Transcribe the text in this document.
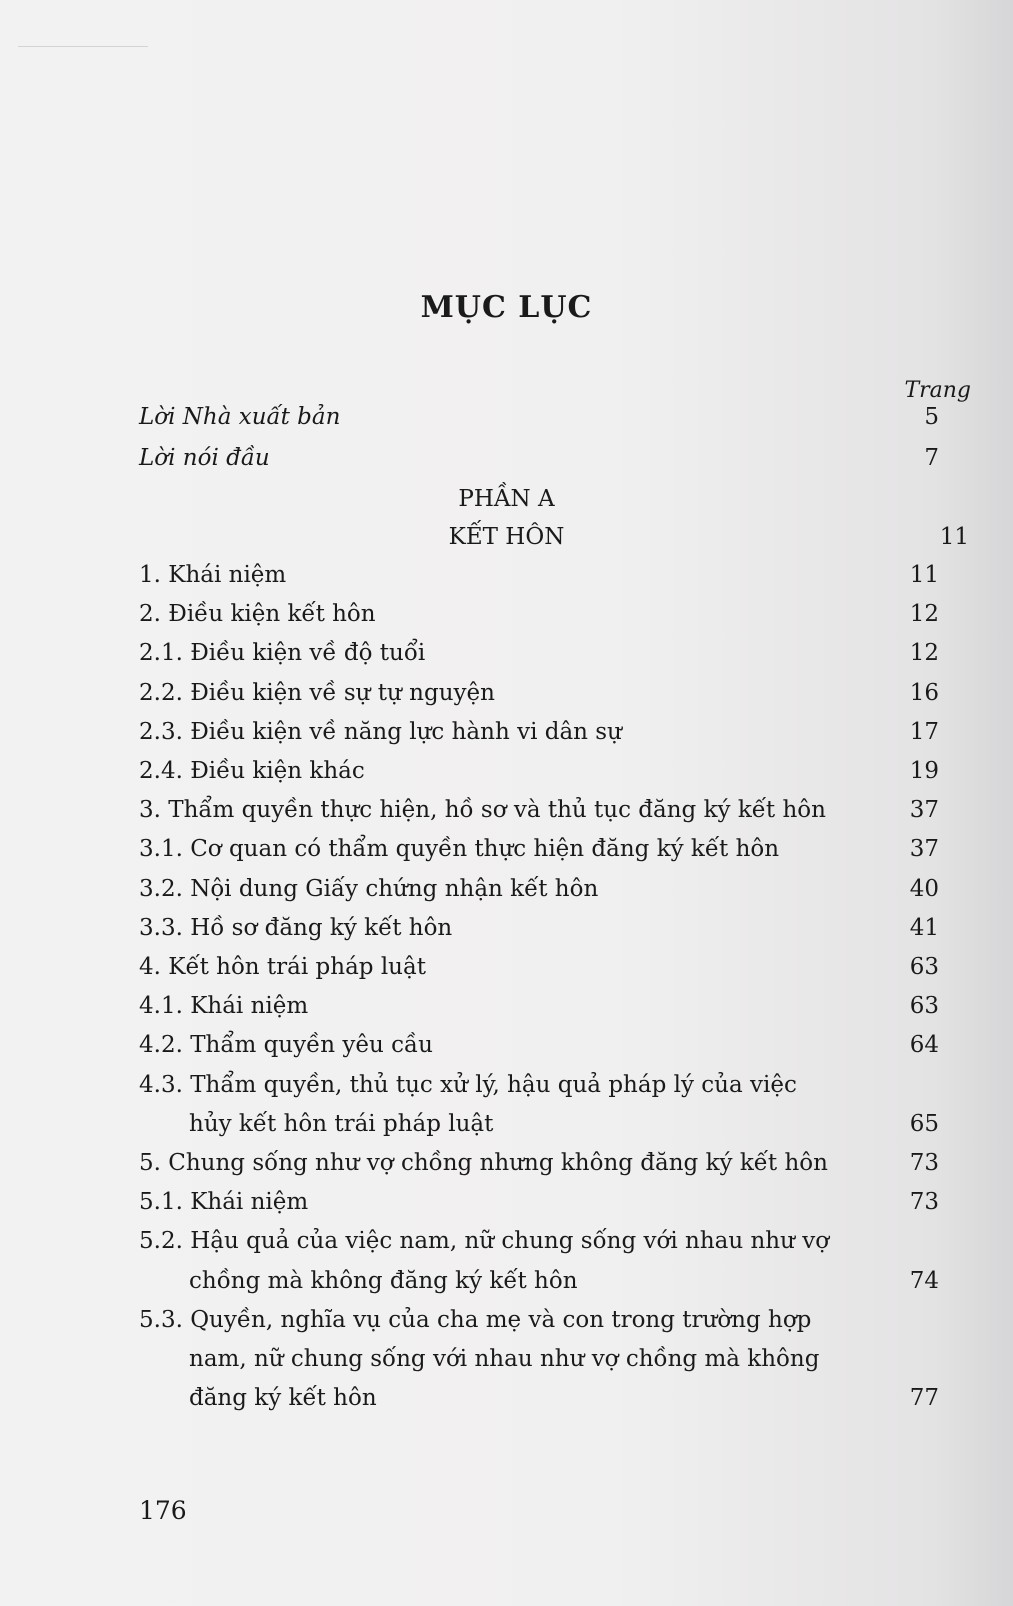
MỤC LỤC
Trang
Lời Nhà xuất bản	5
Lời nói đầu	7
PHẦN A
KẾT HÔN	11
1. Khái niệm	11
2. Điều kiện kết hôn	12
2.1. Điều kiện về độ tuổi	12
2.2. Điều kiện về sự tự nguyện	16
2.3. Điều kiện về năng lực hành vi dân sự	17
2.4. Điều kiện khác	19
3. Thẩm quyền thực hiện, hồ sơ và thủ tục đăng ký kết hôn	37
3.1. Cơ quan có thẩm quyền thực hiện đăng ký kết hôn	37
3.2. Nội dung Giấy chứng nhận kết hôn	40
3.3. Hồ sơ đăng ký kết hôn	41
4. Kết hôn trái pháp luật	63
4.1. Khái niệm	63
4.2. Thẩm quyền yêu cầu	64
4.3. Thẩm quyền, thủ tục xử lý, hậu quả pháp lý của việc
hủy kết hôn trái pháp luật	65
5. Chung sống như vợ chồng nhưng không đăng ký kết hôn	73
5.1. Khái niệm	73
5.2. Hậu quả của việc nam, nữ chung sống với nhau như vợ
chồng mà không đăng ký kết hôn	74
5.3. Quyền, nghĩa vụ của cha mẹ và con trong trường hợp
nam, nữ chung sống với nhau như vợ chồng mà không
đăng ký kết hôn	77
176
